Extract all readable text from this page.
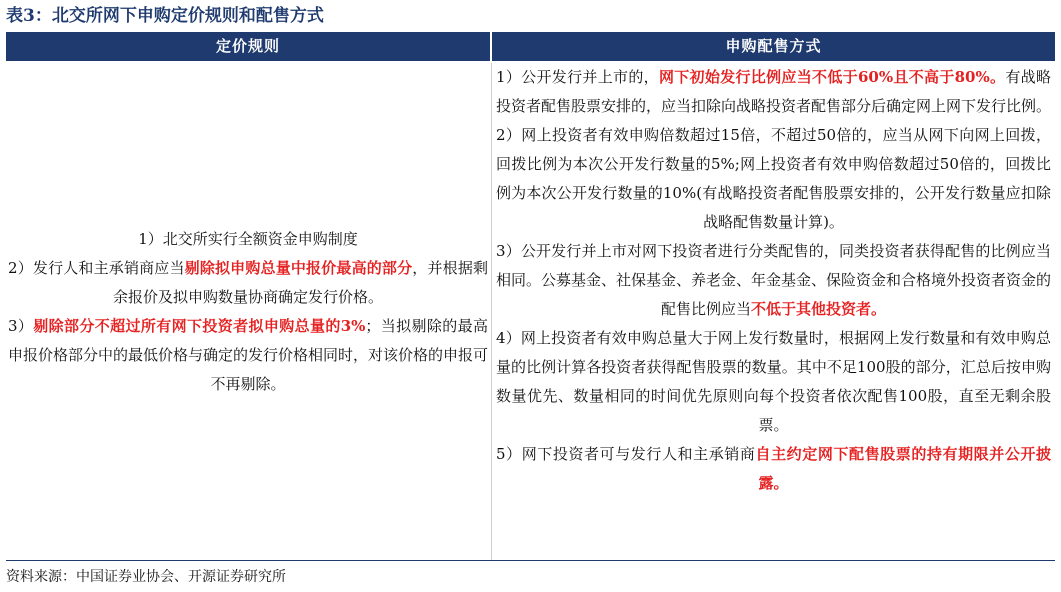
表3：北交所网下申购定价规则和配售方式
定价规则	申购配售方式

1）北交所实行全额资金申购制度

2）发行人和主承销商应当剔除拟申购总量中报价最高的部分，并根据剩余报价及拟申购数量协商确定发行价格。

3）剔除部分不超过所有网下投资者拟申购总量的3%；当拟剔除的最高申报价格部分中的最低价格与确定的发行价格相同时，对该价格的申报可不再剔除。

1）公开发行并上市的，网下初始发行比例应当不低于60%且不高于80%。有战略投资者配售股票安排的，应当扣除向战略投资者配售部分后确定网上网下发行比例。

2）网上投资者有效申购倍数超过15倍，不超过50倍的，应当从网下向网上回拨，回拨比例为本次公开发行数量的5%;网上投资者有效申购倍数超过50倍的，回拨比例为本次公开发行数量的10%(有战略投资者配售股票安排的，公开发行数量应扣除战略配售数量计算)。

3）公开发行并上市对网下投资者进行分类配售的，同类投资者获得配售的比例应当相同。公募基金、社保基金、养老金、年金基金、保险资金和合格境外投资者资金的配售比例应当不低于其他投资者。

4）网上投资者有效申购总量大于网上发行数量时，根据网上发行数量和有效申购总量的比例计算各投资者获得配售股票的数量。其中不足100股的部分，汇总后按申购数量优先、数量相同的时间优先原则向每个投资者依次配售100股，直至无剩余股票。

5）网下投资者可与发行人和主承销商自主约定网下配售股票的持有期限并公开披露。

资料来源：中国证券业协会、开源证券研究所
